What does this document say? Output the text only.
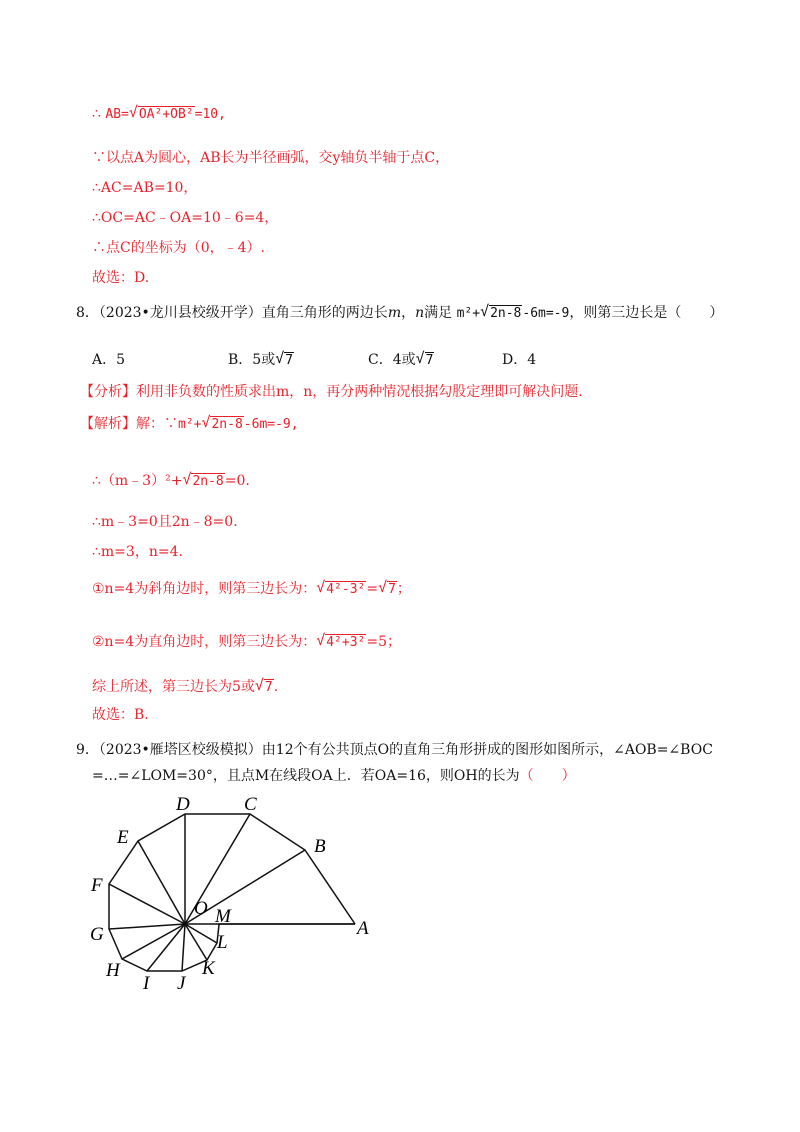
∴ AB= √ OA²+OB²=10,
∵以点A为圆心，AB长为半径画弧，交y轴负半轴于点C，
∴AC=AB=10，
∴OC=AC﹣OA=10﹣6=4，
∴点C的坐标为（0，﹣4）.
故选：D.
8．（2023•龙川县校级开学）直角三角形的两边长m，n满足 m²+ √ 2n-8-6m=-9，则第三边长是（　　）
A．5	B．5或 √ 7	C．4或 √ 7	D．4
【分析】利用非负数的性质求出m，n，再分两种情况根据勾股定理即可解决问题.
【解析】解：∵m²+ √ 2n-8-6m=-9,
∴（m﹣3）²+ √ 2n-8=0.
∴m﹣3=0且2n﹣8=0.
∴m=3，n=4.
①n=4为斜角边时，则第三边长为： √ 4²-3²= √ 7；
②n=4为直角边时，则第三边长为： √ 4²+3²=5；
综上所述，第三边长为5或 √ 7.
故选：B.
9．（2023•雁塔区校级模拟）由12个有公共顶点O的直角三角形拼成的图形如图所示，∠AOB=∠BOC
=…=∠LOM=30°，且点M在线段OA上．若OA=16，则OH的长为（　　）
A
B
C
D
E
F
G
H
I J
K
L
M
O
